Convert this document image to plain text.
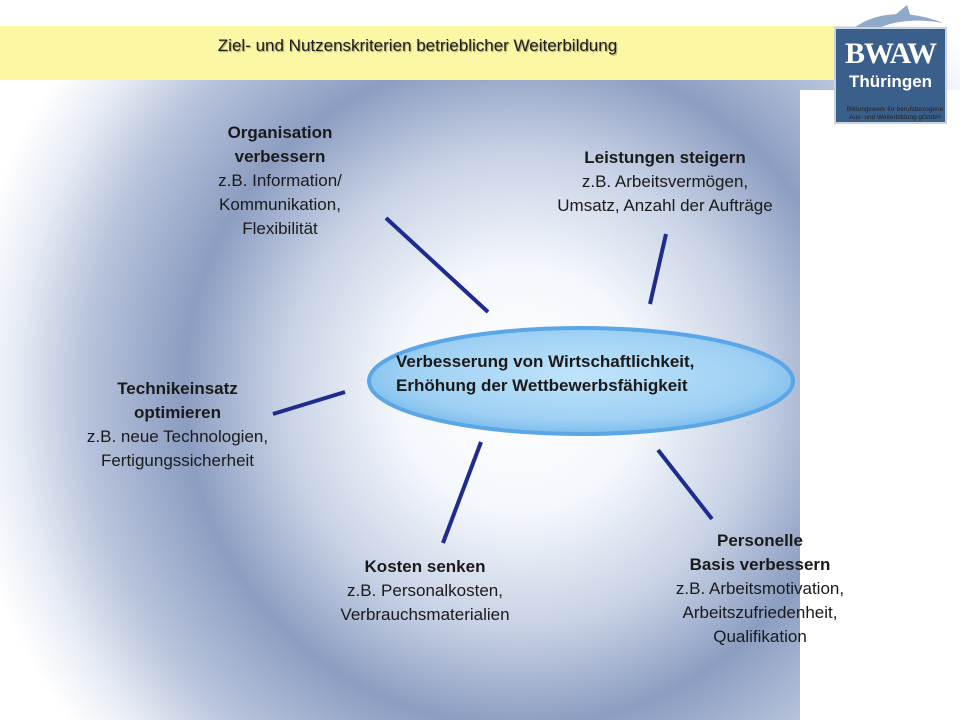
Ziel- und Nutzenskriterien betrieblicher Weiterbildung	BWAW
Thüringen
Bildungswerk für berufsbezogene Aus- und Weiterbildung gGmbH
Verbesserung von Wirtschaftlichkeit,
Erhöhung der Wettbewerbsfähigkeit
Organisation
verbessern
z.B. Information/
Kommunikation,
Flexibilität
Leistungen steigern
z.B. Arbeitsvermögen,
Umsatz, Anzahl der Aufträge
Technikeinsatz
optimieren
z.B. neue Technologien,
Fertigungssicherheit
Kosten senken
z.B. Personalkosten,
Verbrauchsmaterialien
Personelle
Basis verbessern
z.B. Arbeitsmotivation,
Arbeitszufriedenheit,
Qualifikation
